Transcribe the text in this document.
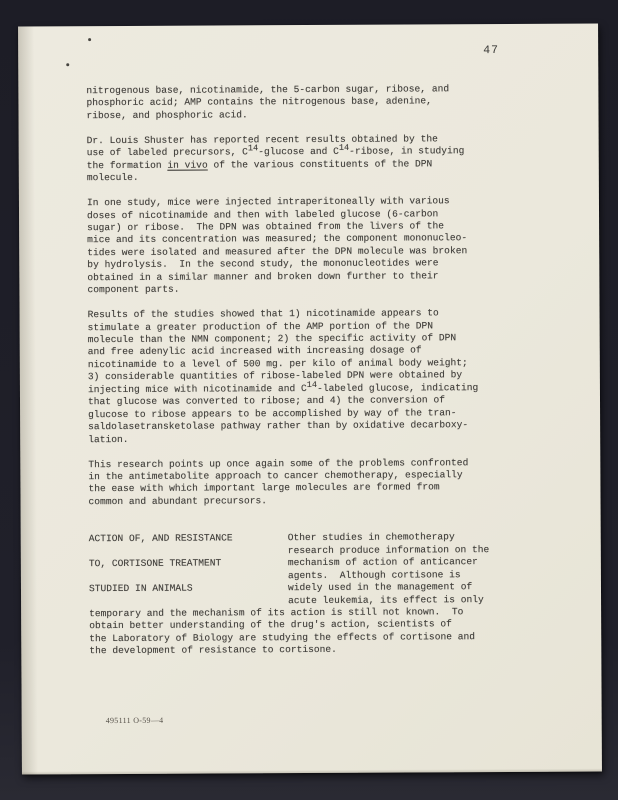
47

nitrogenous base, nicotinamide, the 5-carbon sugar, ribose, and
phosphoric acid; AMP contains the nitrogenous base, adenine,
ribose, and phosphoric acid.

Dr. Louis Shuster has reported recent results obtained by the
use of labeled precursors, C14-glucose and C14-ribose, in studying
the formation in vivo of the various constituents of the DPN
molecule.

In one study, mice were injected intraperitoneally with various
doses of nicotinamide and then with labeled glucose (6-carbon
sugar) or ribose.  The DPN was obtained from the livers of the
mice and its concentration was measured; the component mononucleo-
tides were isolated and measured after the DPN molecule was broken
by hydrolysis.  In the second study, the mononucleotides were
obtained in a similar manner and broken down further to their
component parts.

Results of the studies showed that 1) nicotinamide appears to
stimulate a greater production of the AMP portion of the DPN
molecule than the NMN component; 2) the specific activity of DPN
and free adenylic acid increased with increasing dosage of
nicotinamide to a level of 500 mg. per kilo of animal body weight;
3) considerable quantities of ribose-labeled DPN were obtained by
injecting mice with nicotinamide and C14-labeled glucose, indicating
that glucose was converted to ribose; and 4) the conversion of
glucose to ribose appears to be accomplished by way of the tran-
saldolasetransketolase pathway rather than by oxidative decarboxy-
lation.

This research points up once again some of the problems confronted
in the antimetabolite approach to cancer chemotherapy, especially
the ease with which important large molecules are formed from
common and abundant precursors.

ACTION OF, AND RESISTANCE

TO, CORTISONE TREATMENT

STUDIED IN ANIMALS
Other studies in chemotherapy
research produce information on the
mechanism of action of anticancer
agents.  Although cortisone is
widely used in the management of
acute leukemia, its effect is only

temporary and the mechanism of its action is still not known.  To
obtain better understanding of the drug's action, scientists of
the Laboratory of Biology are studying the effects of cortisone and
the development of resistance to cortisone.

495111 O-59—4
